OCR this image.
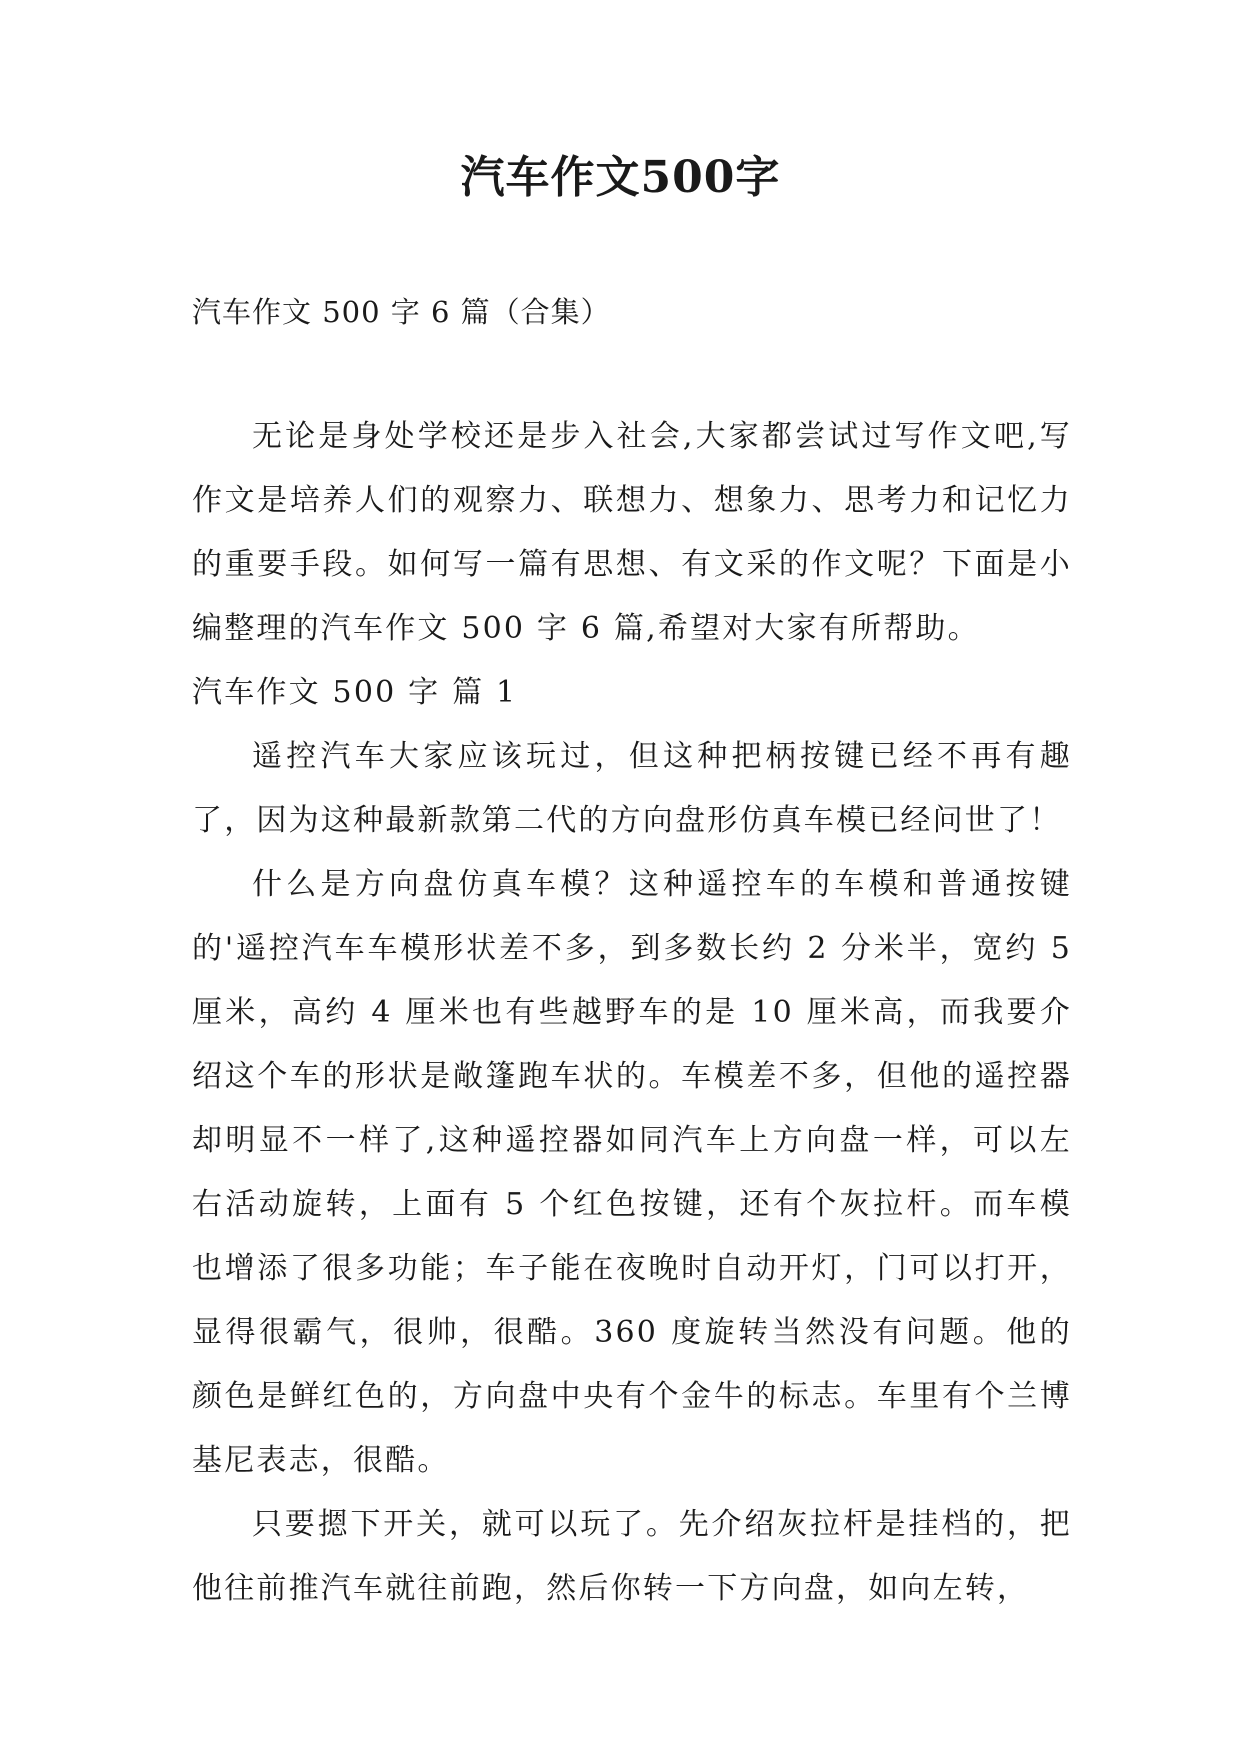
汽车作文500字
汽车作文 500 字 6 篇（合集）

无论是身处学校还是步入社会,大家都尝试过写作文吧,写作文是培养人们的观察力、联想力、想象力、思考力和记忆力的重要手段。如何写一篇有思想、有文采的作文呢？下面是小编整理的汽车作文 500 字 6 篇,希望对大家有所帮助。

汽车作文 500 字 篇 1

遥控汽车大家应该玩过，但这种把柄按键已经不再有趣了，因为这种最新款第二代的方向盘形仿真车模已经问世了！

什么是方向盘仿真车模？这种遥控车的车模和普通按键的'遥控汽车车模形状差不多，到多数长约 2 分米半，宽约 5 厘米，高约 4 厘米也有些越野车的是 10 厘米高，而我要介绍这个车的形状是敞篷跑车状的。车模差不多，但他的遥控器却明显不一样了,这种遥控器如同汽车上方向盘一样，可以左右活动旋转，上面有 5 个红色按键，还有个灰拉杆。而车模也增添了很多功能；车子能在夜晚时自动开灯，门可以打开，显得很霸气，很帅，很酷。360 度旋转当然没有问题。他的颜色是鲜红色的，方向盘中央有个金牛的标志。车里有个兰博基尼表志，很酷。

只要摁下开关，就可以玩了。先介绍灰拉杆是挂档的，把他往前推汽车就往前跑，然后你转一下方向盘，如向左转，
